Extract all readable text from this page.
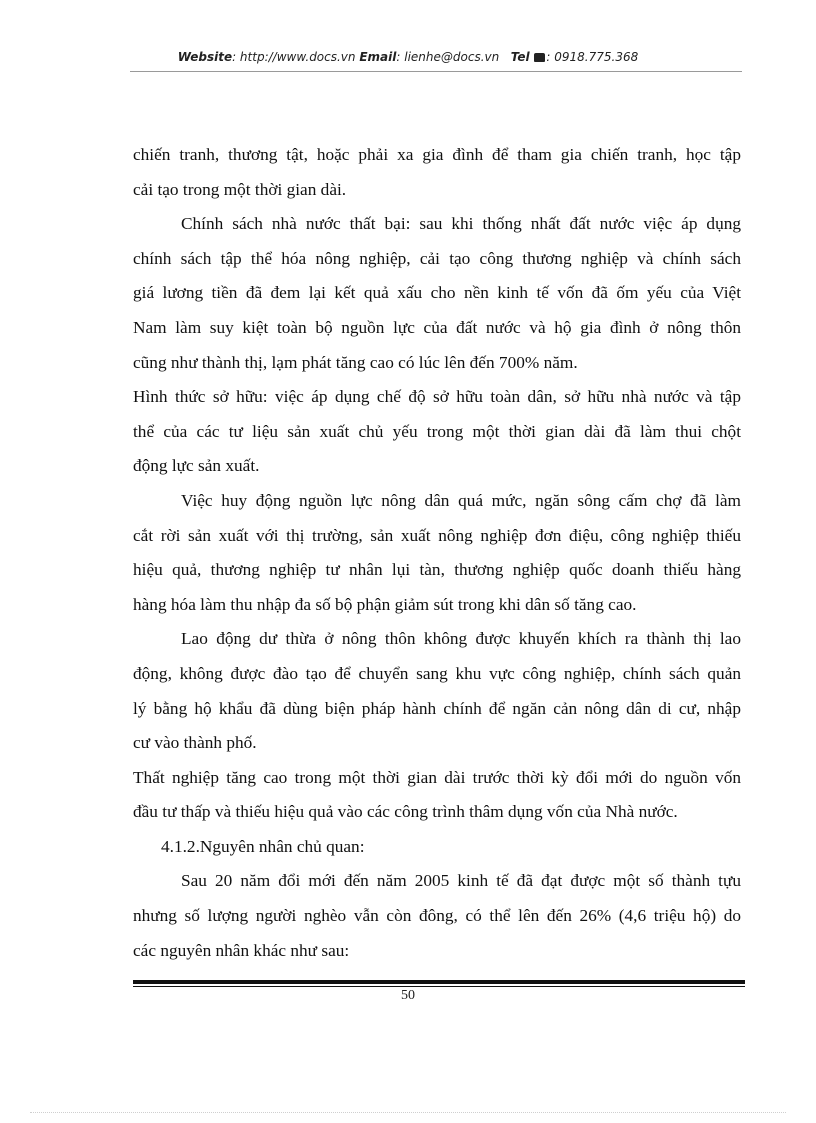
Website: http://www.docs.vn Email: lienhe@docs.vn Tel : 0918.775.368
chiến tranh, thương tật, hoặc phải xa gia đình để tham gia chiến tranh, học tập
cải tạo trong một thời gian dài.
Chính sách nhà nước thất bại: sau khi thống nhất đất nước việc áp dụng
chính sách tập thể hóa nông nghiệp, cải tạo công thương nghiệp và chính sách
giá lương tiền đã đem lại kết quả xấu cho nền kinh tế vốn đã ốm yếu của Việt
Nam làm suy kiệt toàn bộ nguồn lực của đất nước và hộ gia đình ở nông thôn
cũng như thành thị, lạm phát tăng cao có lúc lên đến 700% năm.
Hình thức sở hữu: việc áp dụng chế độ sở hữu toàn dân, sở hữu nhà nước và tập
thể của các tư liệu sản xuất chủ yếu trong một thời gian dài đã làm thui chột
động lực sản xuất.
Việc huy động nguồn lực nông dân quá mức, ngăn sông cấm chợ đã làm
cắt rời sản xuất với thị trường, sản xuất nông nghiệp đơn điệu, công nghiệp thiếu
hiệu quả, thương nghiệp tư nhân lụi tàn, thương nghiệp quốc doanh thiếu hàng
hàng hóa làm thu nhập đa số bộ phận giảm sút trong khi dân số tăng cao.
Lao động dư thừa ở nông thôn không được khuyến khích ra thành thị lao
động, không được đào tạo để chuyển sang khu vực công nghiệp, chính sách quản
lý bằng hộ khẩu đã dùng biện pháp hành chính để ngăn cản nông dân di cư, nhập
cư vào thành phố.
Thất nghiệp tăng cao trong một thời gian dài trước thời kỳ đổi mới do nguồn vốn
đầu tư thấp và thiếu hiệu quả vào các công trình thâm dụng vốn của Nhà nước.
4.1.2.Nguyên nhân chủ quan:
Sau 20 năm đổi mới đến năm 2005 kinh tế đã đạt được một số thành tựu
nhưng số lượng người nghèo vẫn còn đông, có thể lên đến 26% (4,6 triệu hộ) do
các nguyên nhân khác như sau:
50
